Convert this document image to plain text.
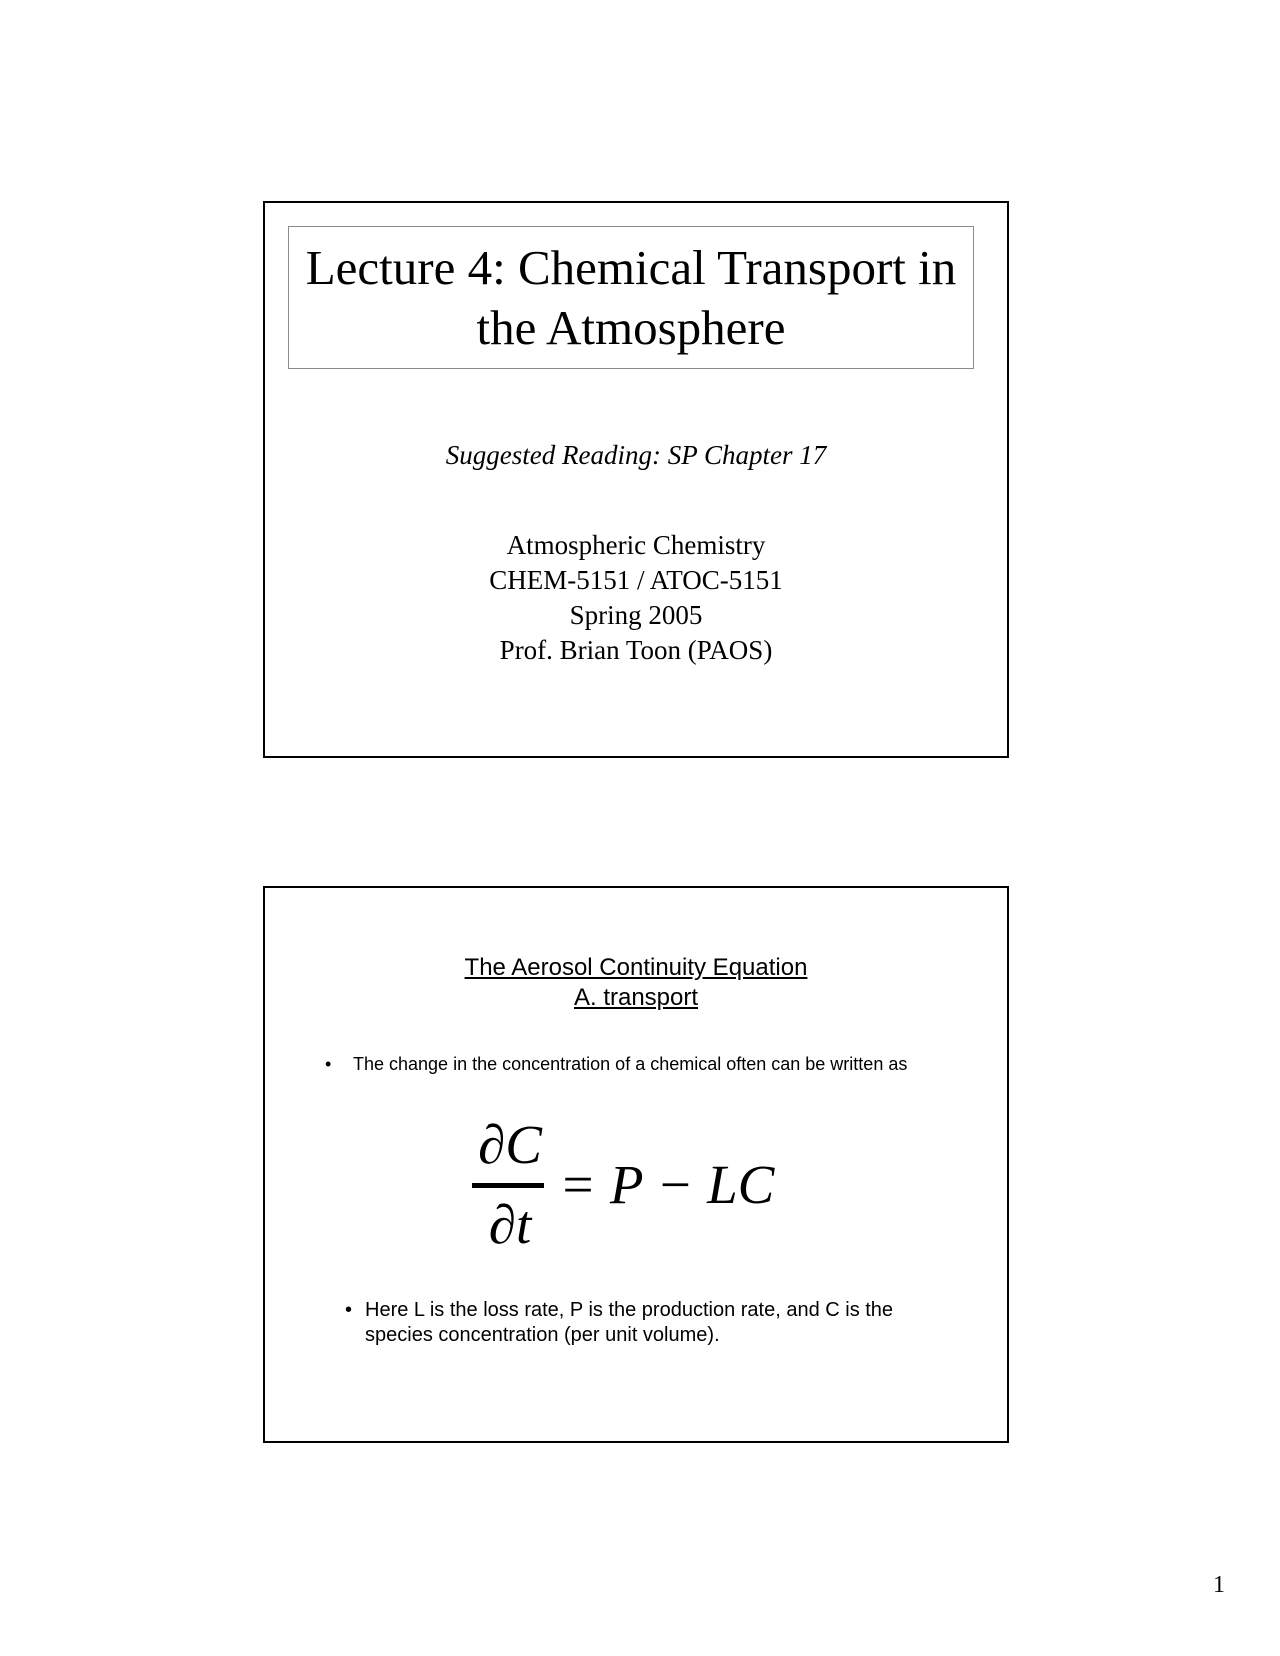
Lecture 4: Chemical Transport in
the Atmosphere
Suggested Reading: SP Chapter 17
Atmospheric Chemistry
CHEM-5151 / ATOC-5151
Spring 2005
Prof. Brian Toon (PAOS)
The Aerosol Continuity Equation
A. transport
•	The change in the concentration of a chemical often can be written as
∂C
∂t
= P − LC
• Here L is the loss rate, P is the production rate, and C is the species concentration (per unit volume).
1
